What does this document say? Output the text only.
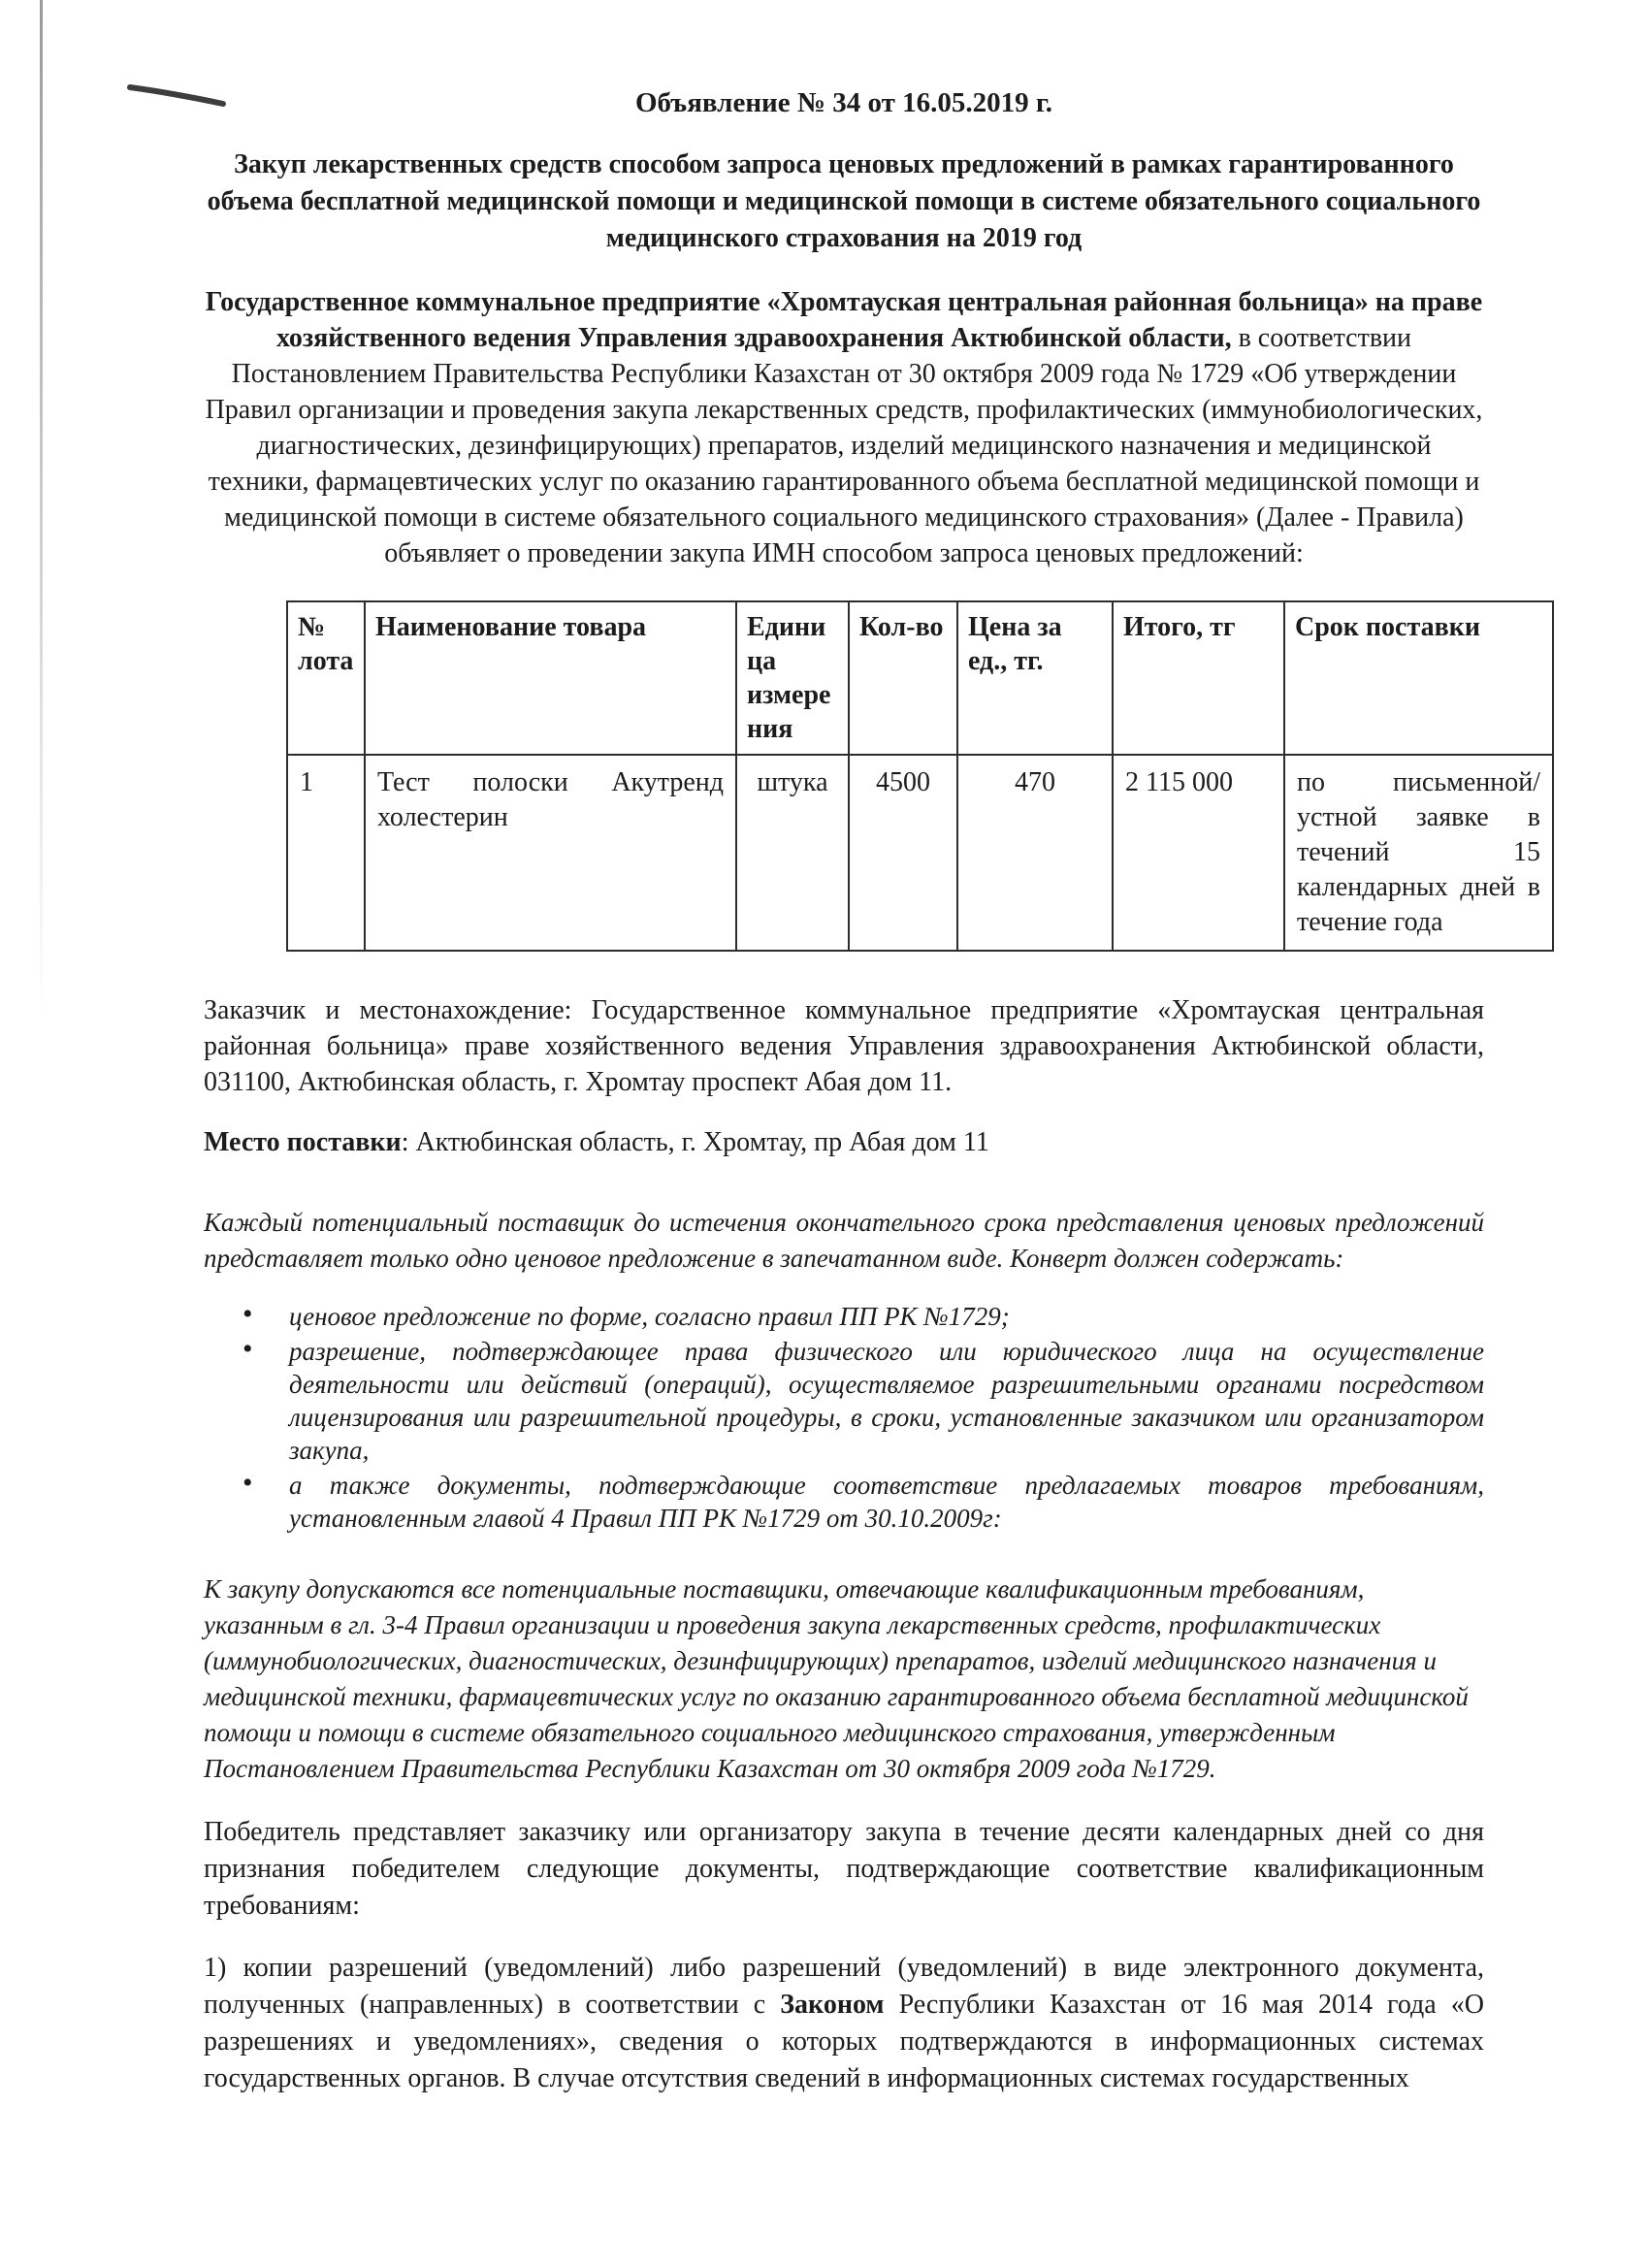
Объявление № 34 от 16.05.2019 г.
Закуп лекарственных средств способом запроса ценовых предложений в рамках гарантированного объема бесплатной медицинской помощи и медицинской помощи в системе обязательного социального медицинского страхования на 2019 год
Государственное коммунальное предприятие «Хромтауская центральная районная больница» на праве хозяйственного ведения Управления здравоохранения Актюбинской области, в соответствии Постановлением Правительства Республики Казахстан от 30 октября 2009 года № 1729 «Об утверждении Правил организации и проведения закупа лекарственных средств, профилактических (иммунобиологических, диагностических, дезинфицирующих) препаратов, изделий медицинского назначения и медицинской техники, фармацевтических услуг по оказанию гарантированного объема бесплатной медицинской помощи и медицинской помощи в системе обязательного социального медицинского страхования» (Далее - Правила) объявляет о проведении закупа ИМН способом запроса ценовых предложений:
№ лота	Наименование товара	Единица измерения	Кол-во	Цена за ед., тг.	Итого, тг	Срок поставки
1	Тест полоски Акутренд холестерин	штука	4500	470	2 115 000	по письменной/устной заявке в течений 15 календарных дней в течение года
Заказчик и местонахождение: Государственное коммунальное предприятие «Хромтауская центральная районная больница» праве хозяйственного ведения Управления здравоохранения Актюбинской области, 031100, Актюбинская область, г. Хромтау проспект Абая дом 11.
Место поставки: Актюбинская область, г. Хромтау, пр Абая дом 11
Каждый потенциальный поставщик до истечения окончательного срока представления ценовых предложений представляет только одно ценовое предложение в запечатанном виде. Конверт должен содержать:
• ценовое предложение по форме, согласно правил ПП РК №1729;
• разрешение, подтверждающее права физического или юридического лица на осуществление деятельности или действий (операций), осуществляемое разрешительными органами посредством лицензирования или разрешительной процедуры, в сроки, установленные заказчиком или организатором закупа,
• а также документы, подтверждающие соответствие предлагаемых товаров требованиям, установленным главой 4 Правил ПП РК №1729 от 30.10.2009г:
К закупу допускаются все потенциальные поставщики, отвечающие квалификационным требованиям, указанным в гл. 3-4 Правил организации и проведения закупа лекарственных средств, профилактических (иммунобиологических, диагностических, дезинфицирующих) препаратов, изделий медицинского назначения и медицинской техники, фармацевтических услуг по оказанию гарантированного объема бесплатной медицинской помощи и помощи в системе обязательного социального медицинского страхования, утвержденным Постановлением Правительства Республики Казахстан от 30 октября 2009 года №1729.
Победитель представляет заказчику или организатору закупа в течение десяти календарных дней со дня признания победителем следующие документы, подтверждающие соответствие квалификационным требованиям:
1) копии разрешений (уведомлений) либо разрешений (уведомлений) в виде электронного документа, полученных (направленных) в соответствии с Законом Республики Казахстан от 16 мая 2014 года «О разрешениях и уведомлениях», сведения о которых подтверждаются в информационных системах государственных органов. В случае отсутствия сведений в информационных системах государственных
